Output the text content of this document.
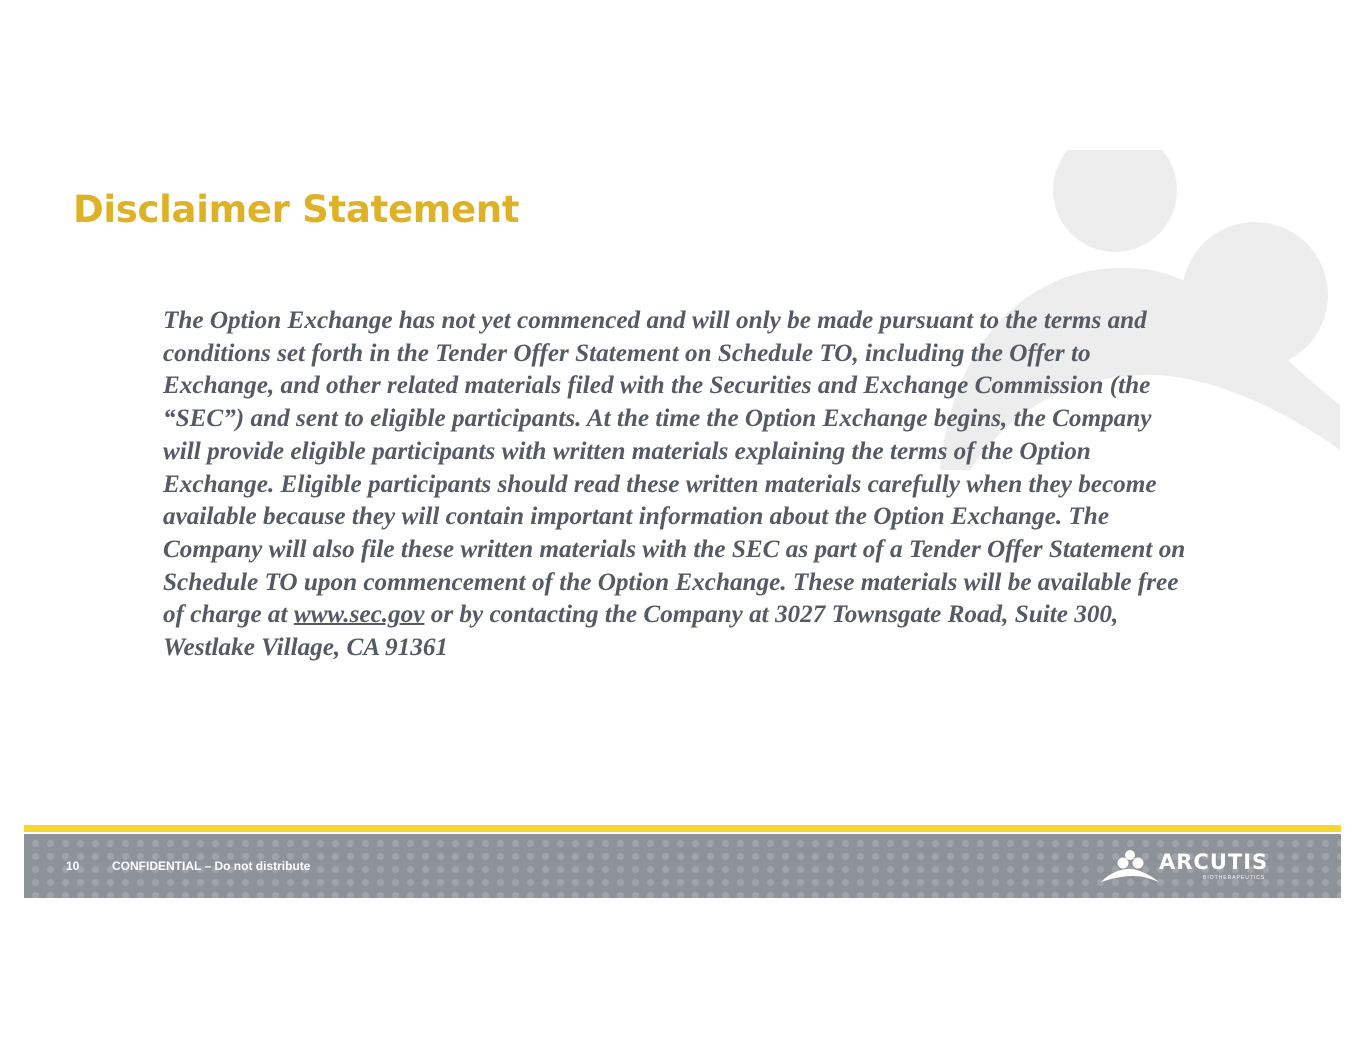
Disclaimer Statement

The Option Exchange has not yet commenced and will only be made pursuant to the terms and conditions set forth in the Tender Offer Statement on Schedule TO, including the Offer to Exchange, and other related materials filed with the Securities and Exchange Commission (the “SEC”) and sent to eligible participants. At the time the Option Exchange begins, the Company will provide eligible participants with written materials explaining the terms of the Option Exchange. Eligible participants should read these written materials carefully when they become available because they will contain important information about the Option Exchange. The Company will also file these written materials with the SEC as part of a Tender Offer Statement on Schedule TO upon commencement of the Option Exchange. These materials will be available free of charge at www.sec.gov or by contacting the Company at 3027 Townsgate Road, Suite 300, Westlake Village, CA 91361

10	CONFIDENTIAL – Do not distribute	ARCUTIS
BIOTHERAPEUTICS
